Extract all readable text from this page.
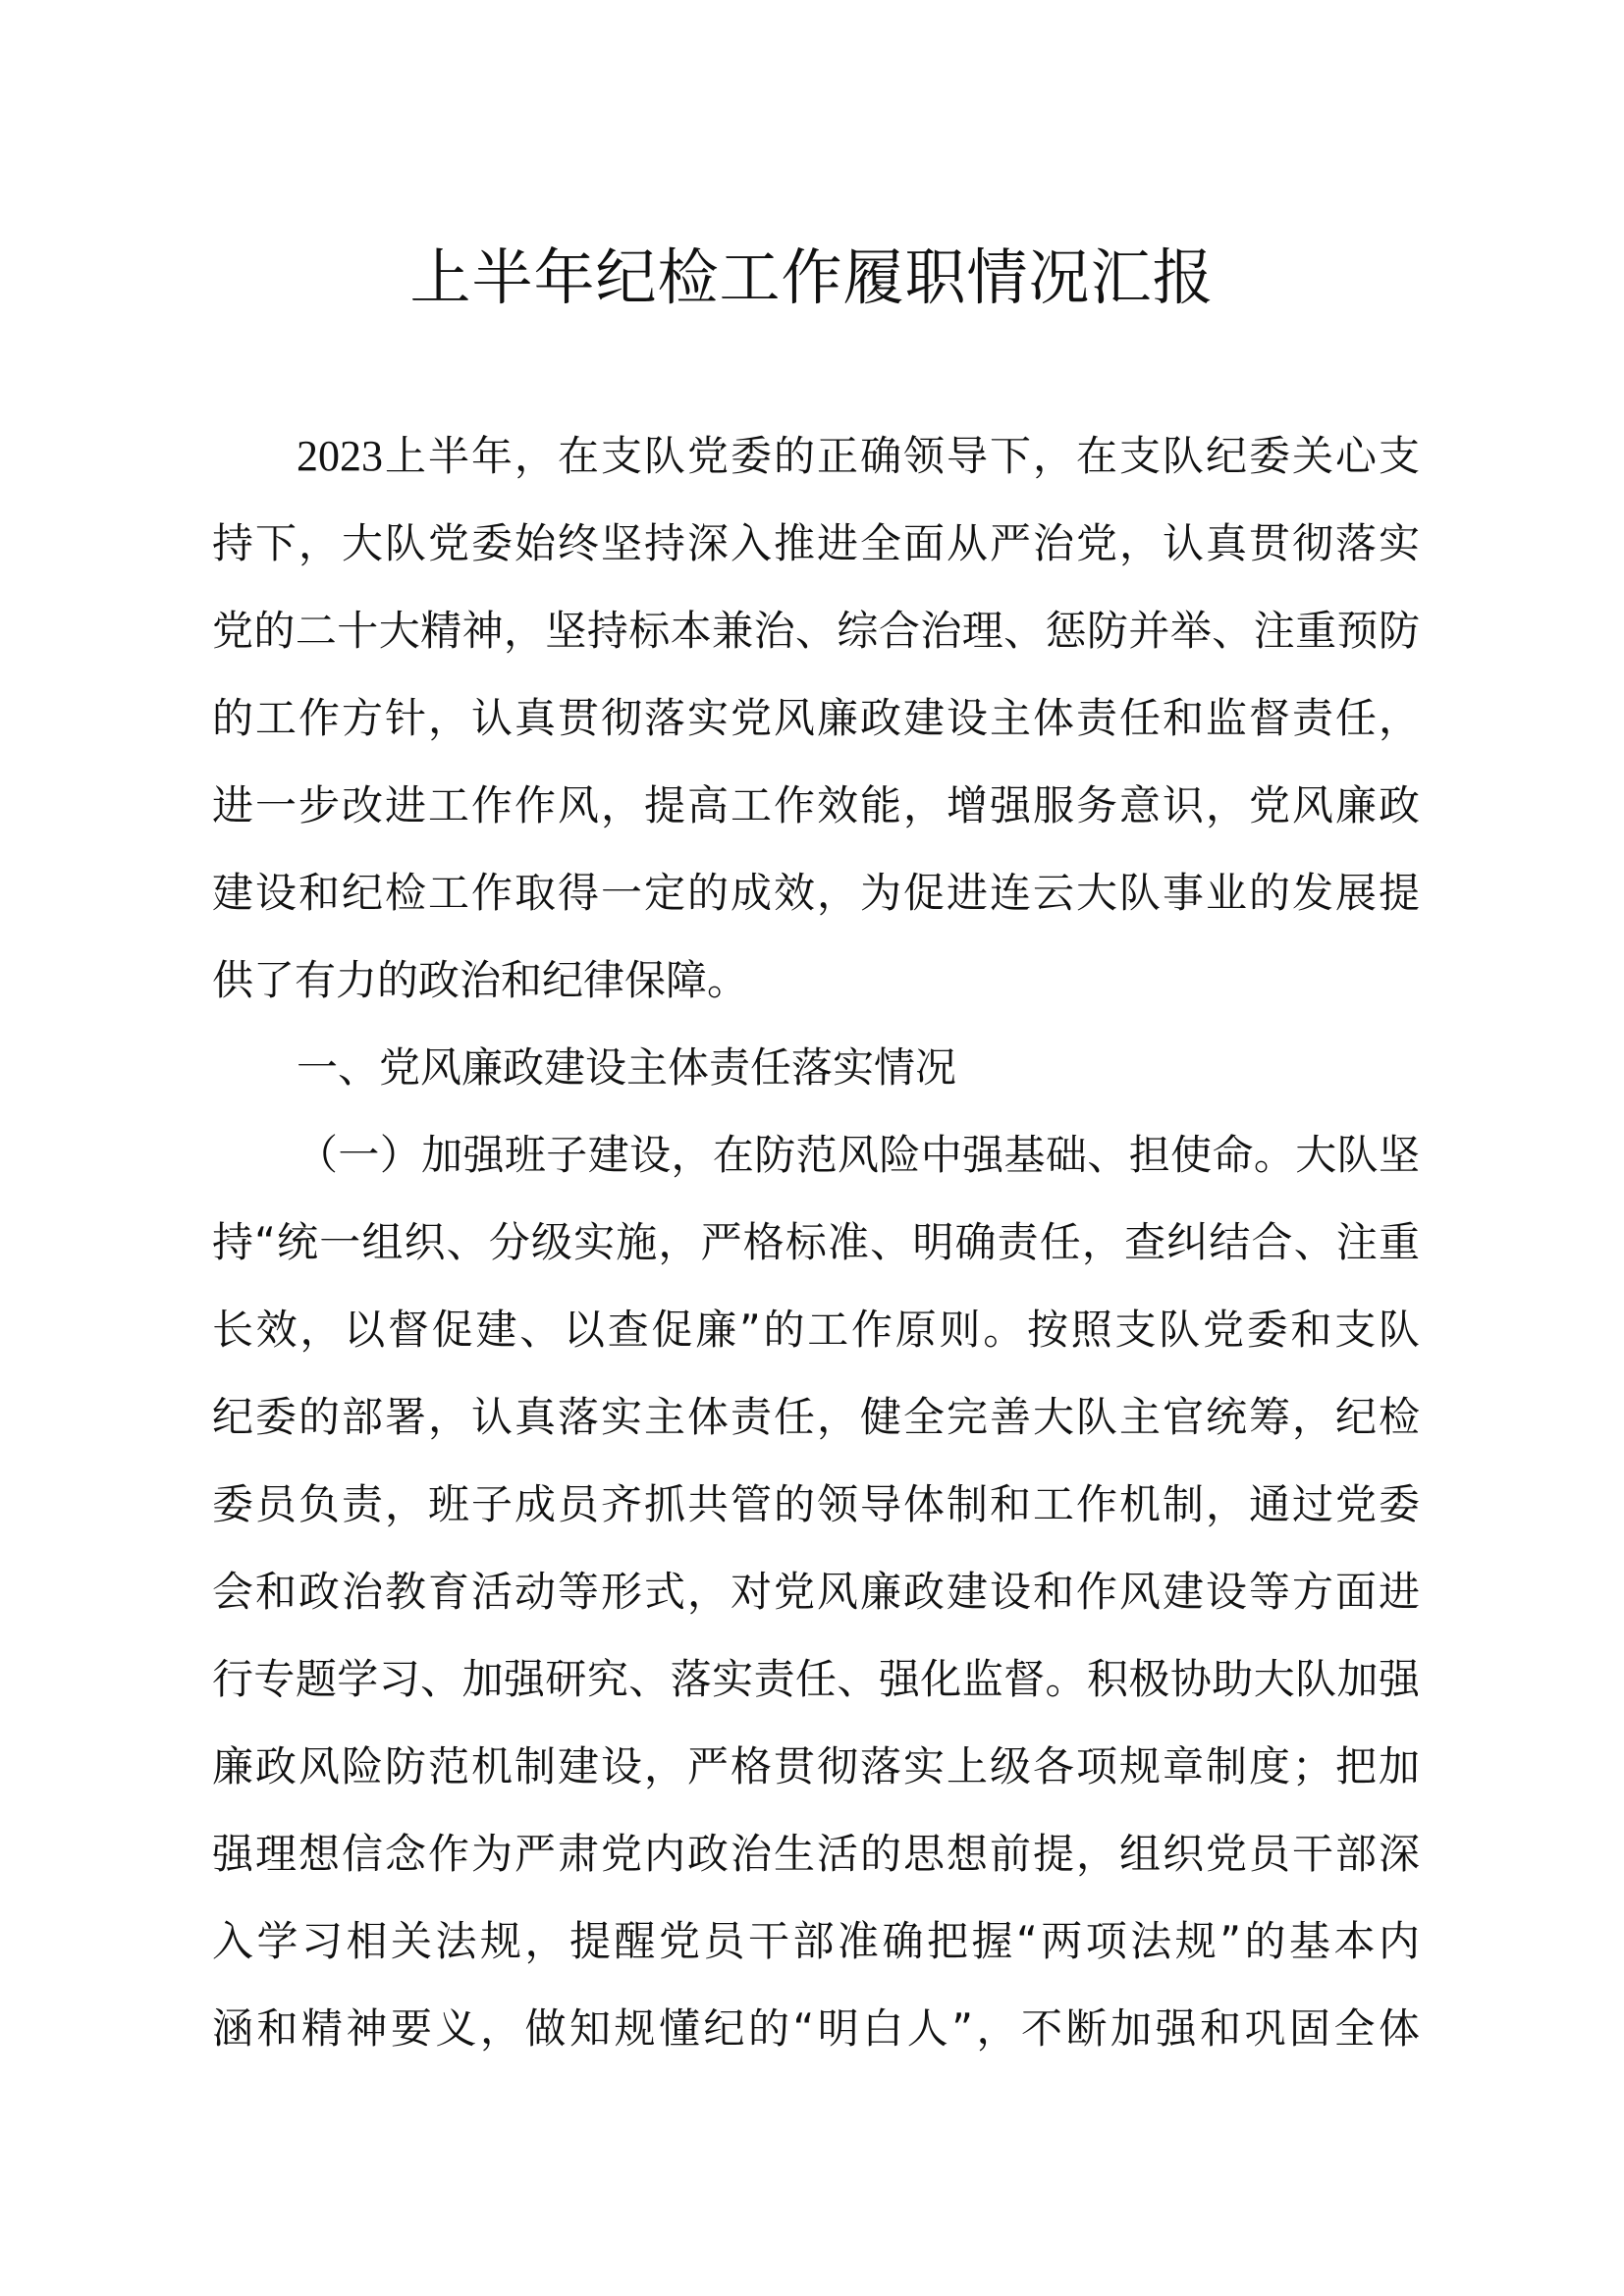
上半年纪检工作履职情况汇报
2023上半年，在支队党委的正确领导下，在支队纪委关心支
持下，大队党委始终坚持深入推进全面从严治党，认真贯彻落实
党的二十大精神，坚持标本兼治、综合治理、惩防并举、注重预防
的工作方针，认真贯彻落实党风廉政建设主体责任和监督责任，
进一步改进工作作风，提高工作效能，增强服务意识，党风廉政
建设和纪检工作取得一定的成效，为促进连云大队事业的发展提
供了有力的政治和纪律保障。
一、党风廉政建设主体责任落实情况
（一）加强班子建设，在防范风险中强基础、担使命。大队坚
持“统一组织、分级实施，严格标准、明确责任，查纠结合、注重
长效，以督促建、以查促廉”的工作原则。按照支队党委和支队
纪委的部署，认真落实主体责任，健全完善大队主官统筹，纪检
委员负责，班子成员齐抓共管的领导体制和工作机制，通过党委
会和政治教育活动等形式，对党风廉政建设和作风建设等方面进
行专题学习、加强研究、落实责任、强化监督。积极协助大队加强
廉政风险防范机制建设，严格贯彻落实上级各项规章制度；把加
强理想信念作为严肃党内政治生活的思想前提，组织党员干部深
入学习相关法规，提醒党员干部准确把握“两项法规”的基本内
涵和精神要义，做知规懂纪的“明白人”，不断加强和巩固全体
